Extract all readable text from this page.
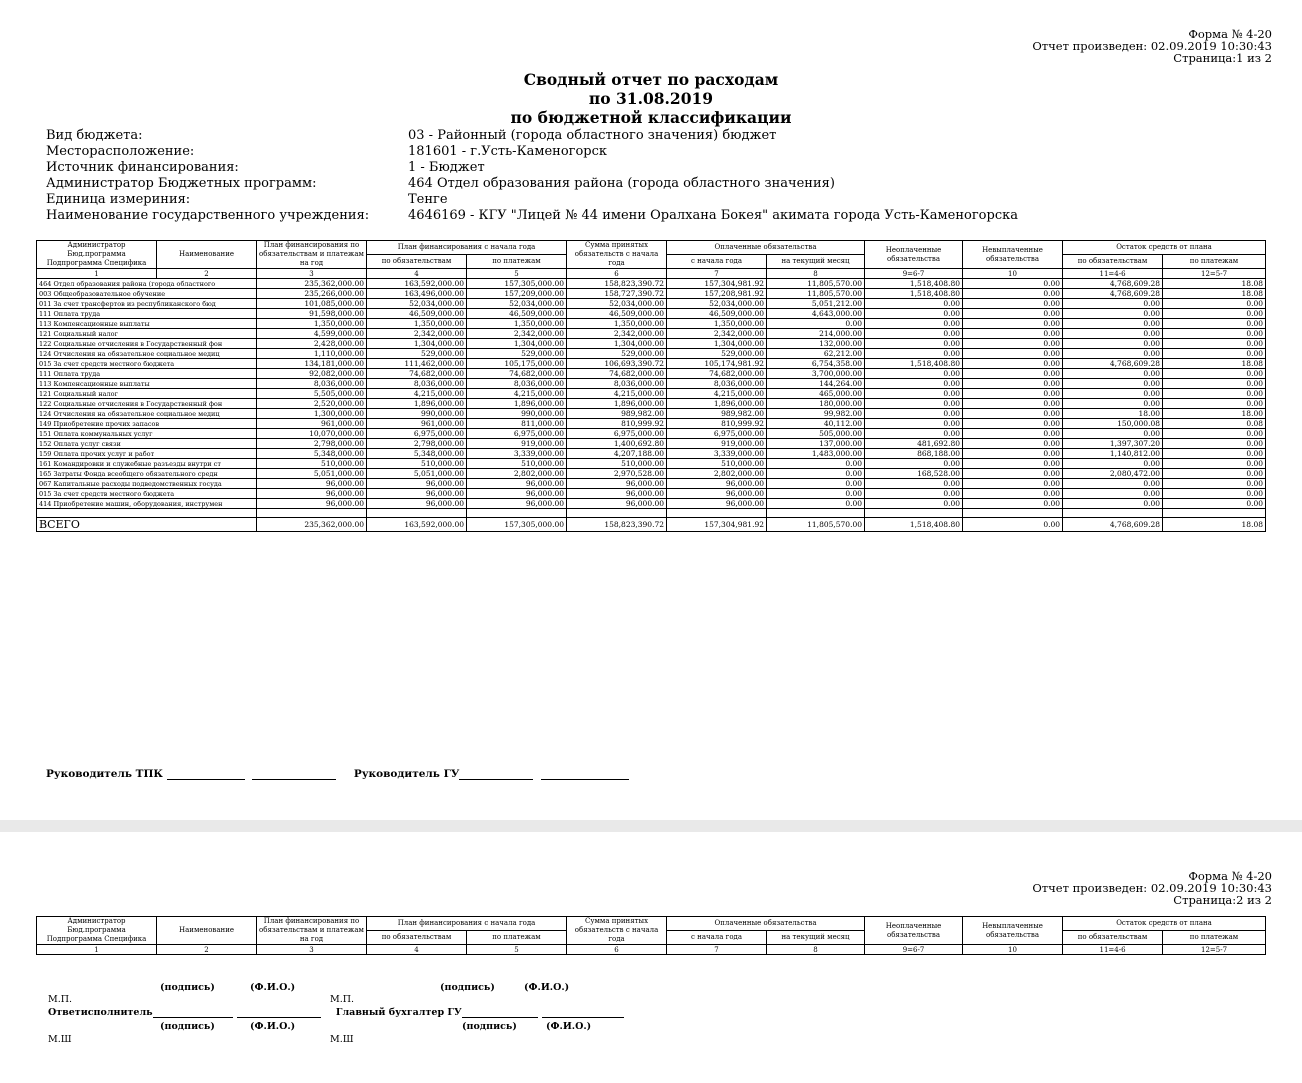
Форма № 4-20
Отчет произведен: 02.09.2019 10:30:43
Страница:1 из 2
Сводный отчет по расходам
по 31.08.2019
по бюджетной классификации
Вид бюджета:	03 - Районный (города областного значения) бюджет
Месторасположение:	181601 - г.Усть-Каменогорск
Источник финансирования:	1 - Бюджет
Администратор Бюджетных программ:	464 Отдел образования района (города областного значения)
Единица измериния:	Тенге
Наименование государственного учреждения:	4646169 - КГУ "Лицей № 44 имени Оралхана Бокея" акимата города Усть-Каменогорска
Администратор Бюд.программа Подпрограмма Специфика	Наименование	План финансирования по обязательствам и платежам на год	План финансирования с начала года		Сумма принятых обязательств с начала года	Оплаченные обязательства		Неоплаченные обязательства	Невыплаченные обязательства	Остаток средств от плана	
			по обязательствам	по платежам		с начала года	на текущий месяц			по обязательствам	по платежам
1	2	3	4	5	6	7	8	9=6-7	10	11=4-6	12=5-7
464 Отдел образования района (города областного		235,362,000.00	163,592,000.00	157,305,000.00	158,823,390.72	157,304,981.92	11,805,570.00	1,518,408.80	0.00	4,768,609.28	18.08
003 Общеобразовательное обучение		235,266,000.00	163,496,000.00	157,209,000.00	158,727,390.72	157,208,981.92	11,805,570.00	1,518,408.80	0.00	4,768,609.28	18.08
011 За счет трансфертов из республиканского бюд		101,085,000.00	52,034,000.00	52,034,000.00	52,034,000.00	52,034,000.00	5,051,212.00	0.00	0.00	0.00	0.00
111 Оплата труда		91,598,000.00	46,509,000.00	46,509,000.00	46,509,000.00	46,509,000.00	4,643,000.00	0.00	0.00	0.00	0.00
113 Компенсационные выплаты		1,350,000.00	1,350,000.00	1,350,000.00	1,350,000.00	1,350,000.00	0.00	0.00	0.00	0.00	0.00
121 Социальный налог		4,599,000.00	2,342,000.00	2,342,000.00	2,342,000.00	2,342,000.00	214,000.00	0.00	0.00	0.00	0.00
122 Социальные отчисления в Государственный фон		2,428,000.00	1,304,000.00	1,304,000.00	1,304,000.00	1,304,000.00	132,000.00	0.00	0.00	0.00	0.00
124 Отчисления на обязательное социальное медиц		1,110,000.00	529,000.00	529,000.00	529,000.00	529,000.00	62,212.00	0.00	0.00	0.00	0.00
015 За счет средств местного бюджета		134,181,000.00	111,462,000.00	105,175,000.00	106,693,390.72	105,174,981.92	6,754,358.00	1,518,408.80	0.00	4,768,609.28	18.08
111 Оплата труда		92,082,000.00	74,682,000.00	74,682,000.00	74,682,000.00	74,682,000.00	3,700,000.00	0.00	0.00	0.00	0.00
113 Компенсационные выплаты		8,036,000.00	8,036,000.00	8,036,000.00	8,036,000.00	8,036,000.00	144,264.00	0.00	0.00	0.00	0.00
121 Социальный налог		5,505,000.00	4,215,000.00	4,215,000.00	4,215,000.00	4,215,000.00	465,000.00	0.00	0.00	0.00	0.00
122 Социальные отчисления в Государственный фон		2,520,000.00	1,896,000.00	1,896,000.00	1,896,000.00	1,896,000.00	180,000.00	0.00	0.00	0.00	0.00
124 Отчисления на обязательное социальное медиц		1,300,000.00	990,000.00	990,000.00	989,982.00	989,982.00	99,982.00	0.00	0.00	18.00	18.00
149 Приобретение прочих запасов		961,000.00	961,000.00	811,000.00	810,999.92	810,999.92	40,112.00	0.00	0.00	150,000.08	0.08
151 Оплата коммунальных услуг		10,070,000.00	6,975,000.00	6,975,000.00	6,975,000.00	6,975,000.00	505,000.00	0.00	0.00	0.00	0.00
152 Оплата услуг связи		2,798,000.00	2,798,000.00	919,000.00	1,400,692.80	919,000.00	137,000.00	481,692.80	0.00	1,397,307.20	0.00
159 Оплата прочих услуг и работ		5,348,000.00	5,348,000.00	3,339,000.00	4,207,188.00	3,339,000.00	1,483,000.00	868,188.00	0.00	1,140,812.00	0.00
161 Командировки и служебные разъезды внутри ст		510,000.00	510,000.00	510,000.00	510,000.00	510,000.00	0.00	0.00	0.00	0.00	0.00
165 Затраты Фонда всеобщего обязательного средн		5,051,000.00	5,051,000.00	2,802,000.00	2,970,528.00	2,802,000.00	0.00	168,528.00	0.00	2,080,472.00	0.00
067 Капитальные расходы подведомственных госуда		96,000.00	96,000.00	96,000.00	96,000.00	96,000.00	0.00	0.00	0.00	0.00	0.00
015 За счет средств местного бюджета		96,000.00	96,000.00	96,000.00	96,000.00	96,000.00	0.00	0.00	0.00	0.00	0.00
414 Приобретение машин, оборудования, инструмен		96,000.00	96,000.00	96,000.00	96,000.00	96,000.00	0.00	0.00	0.00	0.00	0.00

ВСЕГО		235,362,000.00	163,592,000.00	157,305,000.00	158,823,390.72	157,304,981.92	11,805,570.00	1,518,408.80	0.00	4,768,609.28	18.08
Руководитель ТПК	Руководитель ГУ
Форма № 4-20
Отчет произведен: 02.09.2019 10:30:43
Страница:2 из 2
Администратор Бюд.программа Подпрограмма Специфика	Наименование	План финансирования по обязательствам и платежам на год	План финансирования с начала года		Сумма принятых обязательств с начала года	Оплаченные обязательства		Неоплаченные обязательства	Невыплаченные обязательства	Остаток средств от плана	
			по обязательствам	по платежам		с начала года	на текущий месяц			по обязательствам	по платежам
1	2	3	4	5	6	7	8	9=6-7	10	11=4-6	12=5-7
(подпись)	(Ф.И.О.)	(подпись)	(Ф.И.О.)
М.П.	М.П.
Ответисполнитель	Главный бухгалтер ГУ
(подпись)	(Ф.И.О.)	(подпись)	(Ф.И.О.)
М.Ш	М.Ш
